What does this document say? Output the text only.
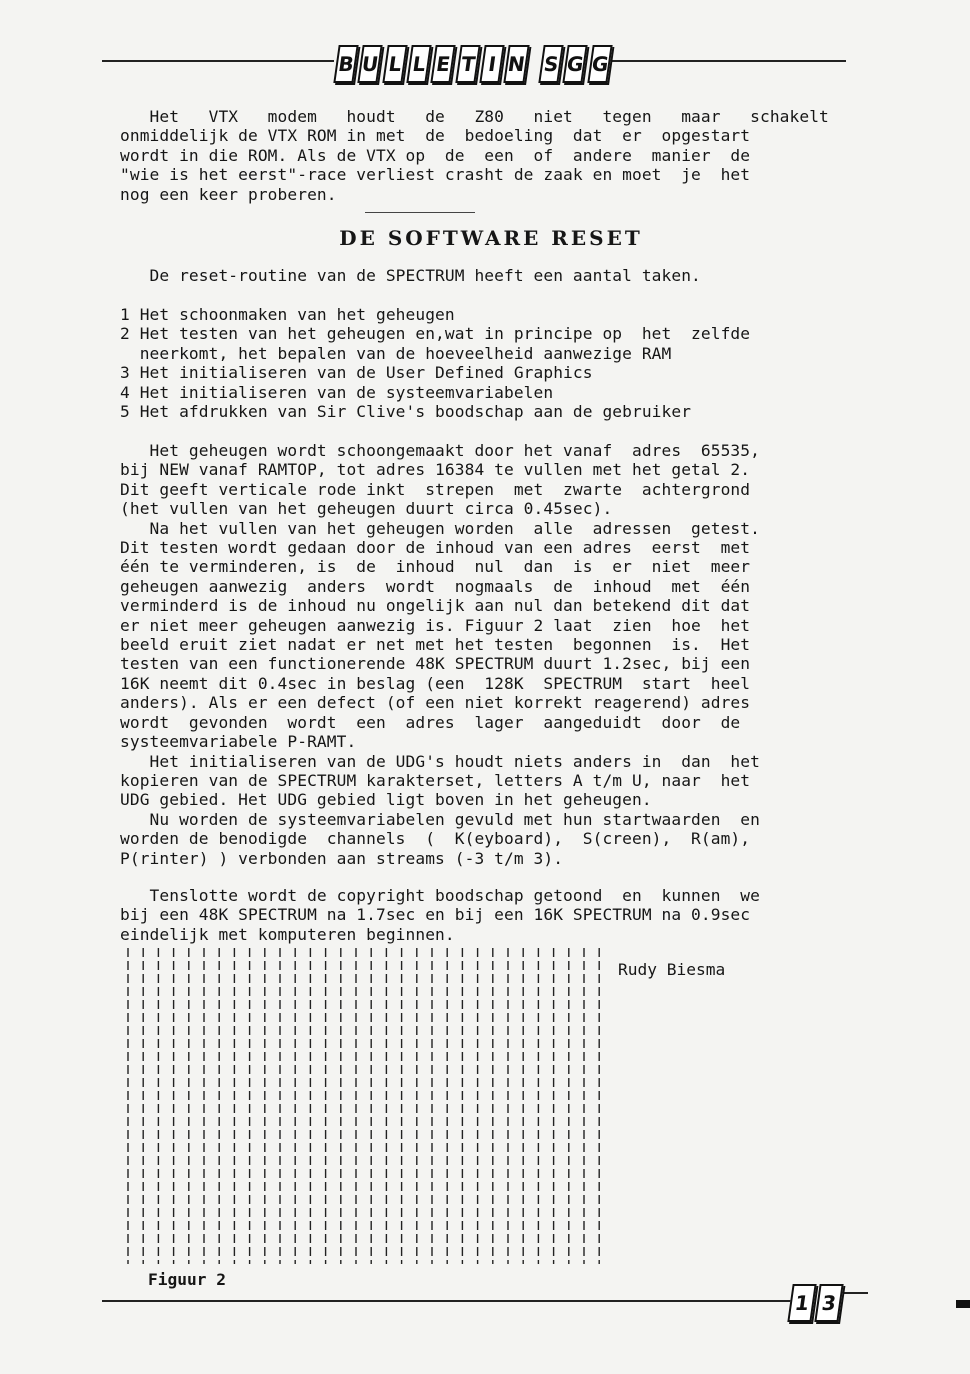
B U L L E T I N S G G
Het   VTX   modem   houdt   de   Z80   niet   tegen   maar   schakelt
onmiddelijk de VTX ROM in met  de  bedoeling  dat  er  opgestart
wordt in die ROM. Als de VTX op  de  een  of  andere  manier  de
"wie is het eerst"-race verliest crasht de zaak en moet  je  het
nog een keer proberen.
DE SOFTWARE RESET
De reset-routine van de SPECTRUM heeft een aantal taken.
1 Het schoonmaken van het geheugen
2 Het testen van het geheugen en,wat in principe op  het  zelfde
neerkomt, het bepalen van de hoeveelheid aanwezige RAM
3 Het initialiseren van de User Defined Graphics
4 Het initialiseren van de systeemvariabelen
5 Het afdrukken van Sir Clive's boodschap aan de gebruiker
Het geheugen wordt schoongemaakt door het vanaf  adres  65535,
bij NEW vanaf RAMTOP, tot adres 16384 te vullen met het getal 2.
Dit geeft verticale rode inkt  strepen  met  zwarte  achtergrond
(het vullen van het geheugen duurt circa 0.45sec).
Na het vullen van het geheugen worden  alle  adressen  getest.
Dit testen wordt gedaan door de inhoud van een adres  eerst  met
één te verminderen, is  de  inhoud  nul  dan  is  er  niet  meer
geheugen aanwezig  anders  wordt  nogmaals  de  inhoud  met  één
verminderd is de inhoud nu ongelijk aan nul dan betekend dit dat
er niet meer geheugen aanwezig is. Figuur 2 laat  zien  hoe  het
beeld eruit ziet nadat er net met het testen  begonnen  is.  Het
testen van een functionerende 48K SPECTRUM duurt 1.2sec, bij een
16K neemt dit 0.4sec in beslag (een  128K  SPECTRUM  start  heel
anders). Als er een defect (of een niet korrekt reagerend) adres
wordt  gevonden  wordt  een  adres  lager  aangeduidt  door  de
systeemvariabele P-RAMT.
Het initialiseren van de UDG's houdt niets anders in  dan  het
kopieren van de SPECTRUM karakterset, letters A t/m U, naar  het
UDG gebied. Het UDG gebied ligt boven in het geheugen.
Nu worden de systeemvariabelen gevuld met hun startwaarden  en
worden de benodigde  channels  (  K(eyboard),  S(creen),  R(am),
P(rinter) ) verbonden aan streams (-3 t/m 3).
Tenslotte wordt de copyright boodschap getoond  en  kunnen  we
bij een 48K SPECTRUM na 1.7sec en bij een 16K SPECTRUM na 0.9sec
eindelijk met komputeren beginnen.
Rudy Biesma
Figuur 2
1 3
